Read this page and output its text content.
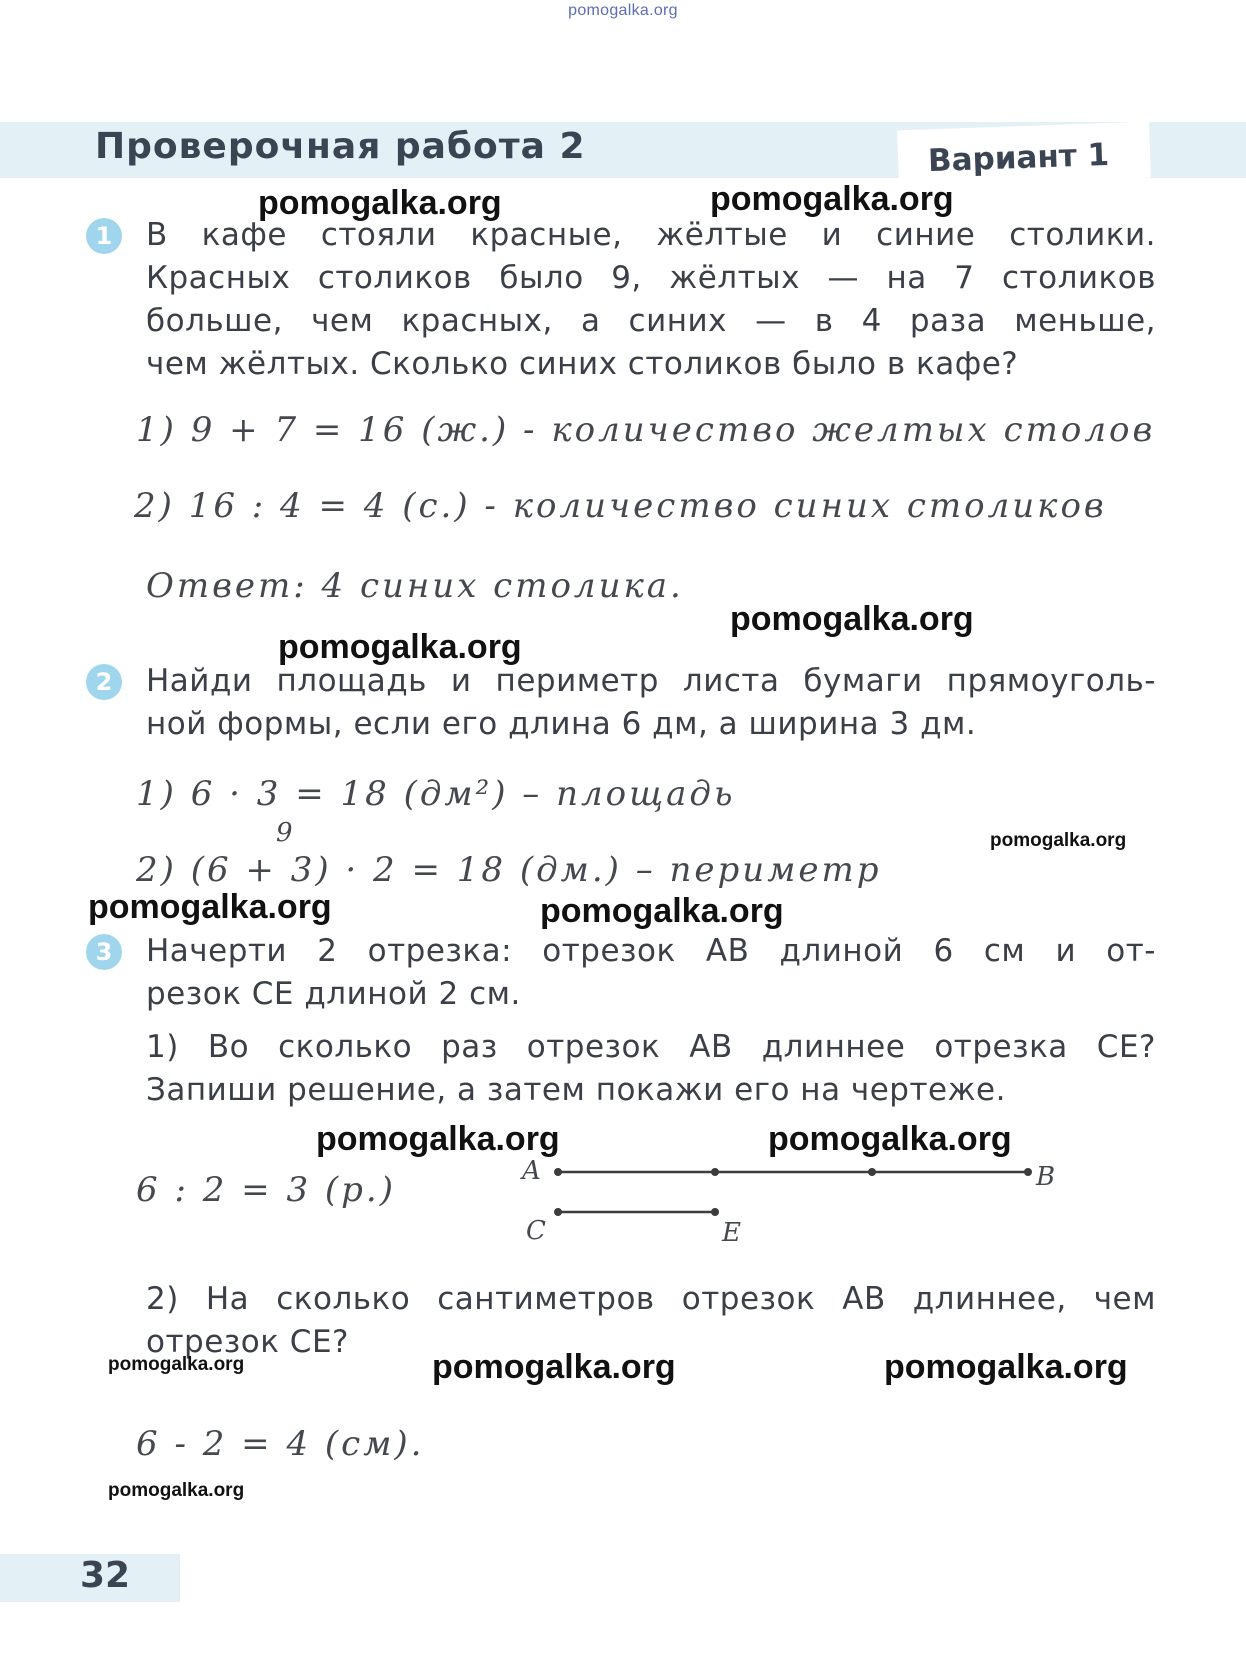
pomogalka.org
Проверочная работа 2	Вариант 1
1	В кафе стояли красные, жёлтые и синие столики.
Красных столиков было 9, жёлтых — на 7 столиков
больше, чем красных, а синих — в 4 раза меньше,
чем жёлтых. Сколько синих столиков было в кафе?
1) 9 + 7 = 16 (ж.) - количество желтых столов
2) 16 : 4 = 4 (с.) - количество синих столиков
Ответ: 4 синих столика.
2	Найди площадь и периметр листа бумаги прямоуголь-
ной формы, если его длина 6 дм, а ширина 3 дм.
1) 6 · 3 = 18 (дм²) – площадь
9
2) (6 + 3) · 2 = 18 (дм.) – периметр
3	Начерти 2 отрезка: отрезок AB длиной 6 см и от-
резок CE длиной 2 см.
1) Во сколько раз отрезок AB длиннее отрезка CE?
Запиши решение, а затем покажи его на чертеже.
6 : 2 = 3 (р.)	A	B
C	E
2) На сколько сантиметров отрезок AB длиннее, чем
отрезок CE?
6 - 2 = 4 (см).
pomogalka.org	pomogalka.org
pomogalka.org
pomogalka.org
pomogalka.org
pomogalka.org	pomogalka.org
pomogalka.org	pomogalka.org
pomogalka.org	pomogalka.org	pomogalka.org
pomogalka.org
32
